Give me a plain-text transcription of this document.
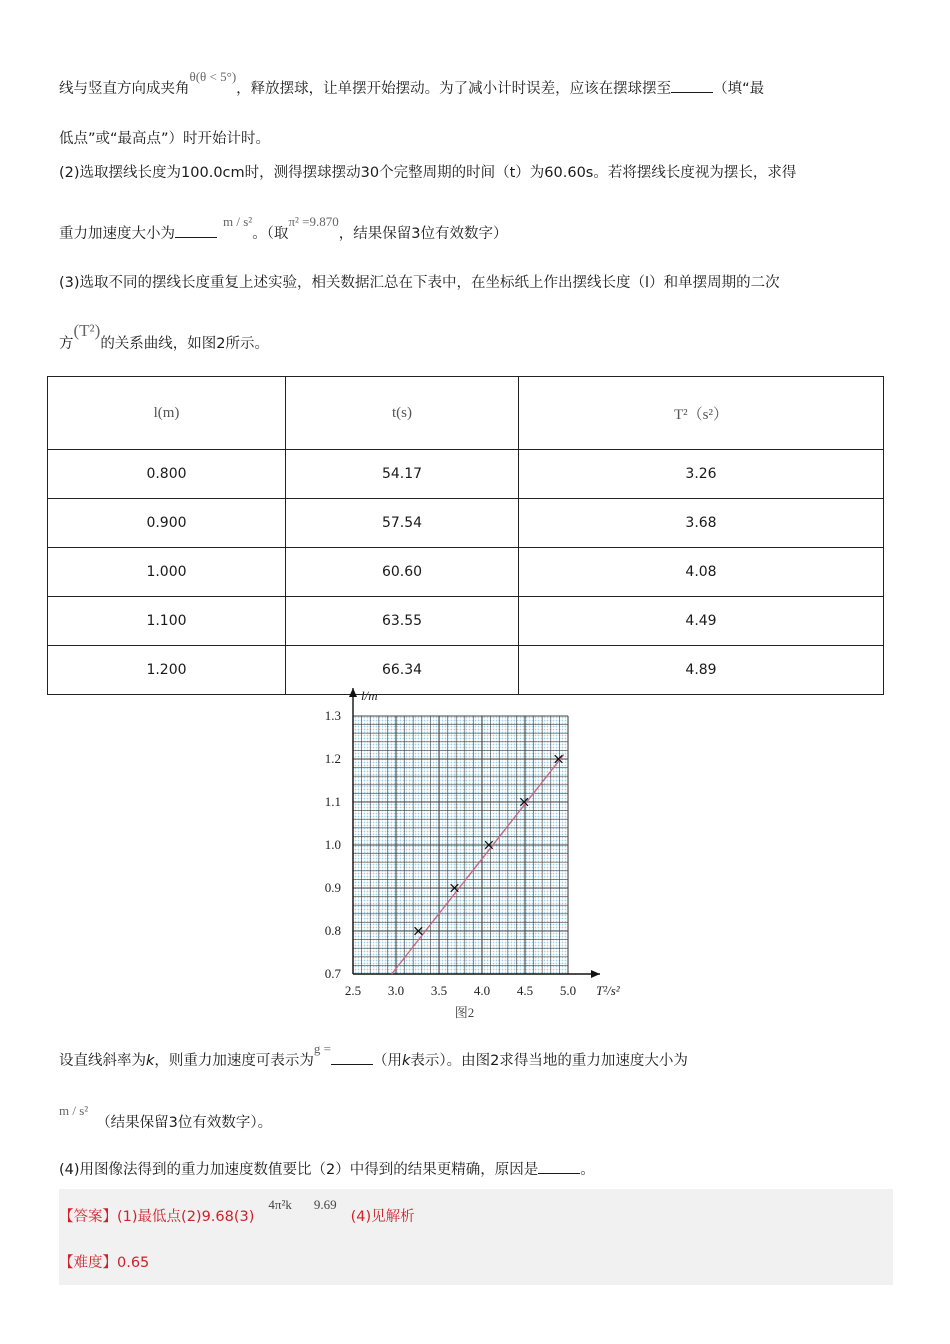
线与竖直方向成夹角θ(θ < 5°)，释放摆球，让单摆开始摆动。为了减小计时误差，应该在摆球摆至	（填“最
低点”或“最高点”）时开始计时。
(2)选取摆线长度为100.0cm时，测得摆球摆动30个完整周期的时间（t）为60.60s。若将摆线长度视为摆长，求得
重力加速度大小为m / s²。（取π² =9.870，结果保留3位有效数字）
(3)选取不同的摆线长度重复上述实验，相关数据汇总在下表中，在坐标纸上作出摆线长度（l）和单摆周期的二次
方(T²)的关系曲线，如图2所示。
l(m)	t(s)	T²（s²）
0.800	54.17	3.26
0.900	57.54	3.68
1.000	60.60	4.08
1.100	63.55	4.49
1.200	66.34	4.89
2.5 3.0 3.5 4.0 4.5 5.0
0.7
0.8
0.9
1.0
1.1
1.2
1.3
l/m
T²/s²
图2
设直线斜率为k，则重力加速度可表示为g =（用k表示）。由图2求得当地的重力加速度大小为
m / s²（结果保留3位有效数字）。
(4)用图像法得到的重力加速度数值要比（2）中得到的结果更精确，原因是	。
【答案】(1)最低点(2)9.68(3)4π²k 9.69(4)见解析
【难度】0.65
